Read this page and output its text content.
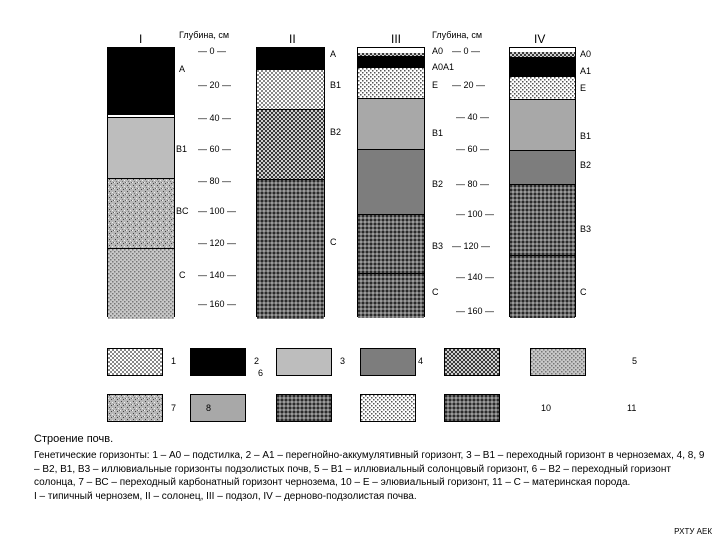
I	Глубина, см
— 0 —
A
— 20 —
— 40 —
B1 — 60 —
— 80 —
BC — 100 —
— 120 —
C — 140 —
— 160 —
II
A
B1
B2
C
III	Глубина, см
A0 — 0 —
A0A1
E — 20 —
— 40 —
B1
— 60 —
B2 — 80 —
— 100 —
B3 — 120 —
— 140 —
C
— 160 —
IV
A0
A1
E
B1
B2
B3
C
1	2
6
3	4	5
7	8	10	11
Строение почв.
Генетические горизонты: 1 – А0 – подстилка, 2 – А1 – перегнойно-аккумулятивный горизонт, 3 – В1 – переходный горизонт в черноземах, 4, 8, 9 – В2, В1, В3 – иллювиальные горизонты подзолистых почв, 5 – В1 – иллювиальный солонцовый горизонт, 6 – В2 – переходный горизонт солонца, 7 – ВС – переходный карбонатный горизонт чернозема, 10 – Е – элювиальный горизонт, 11 – С – материнская порода.
I – типичный чернозем, II – солонец, III – подзол, IV – дерново-подзолистая почва.
РХТУ АЕК
